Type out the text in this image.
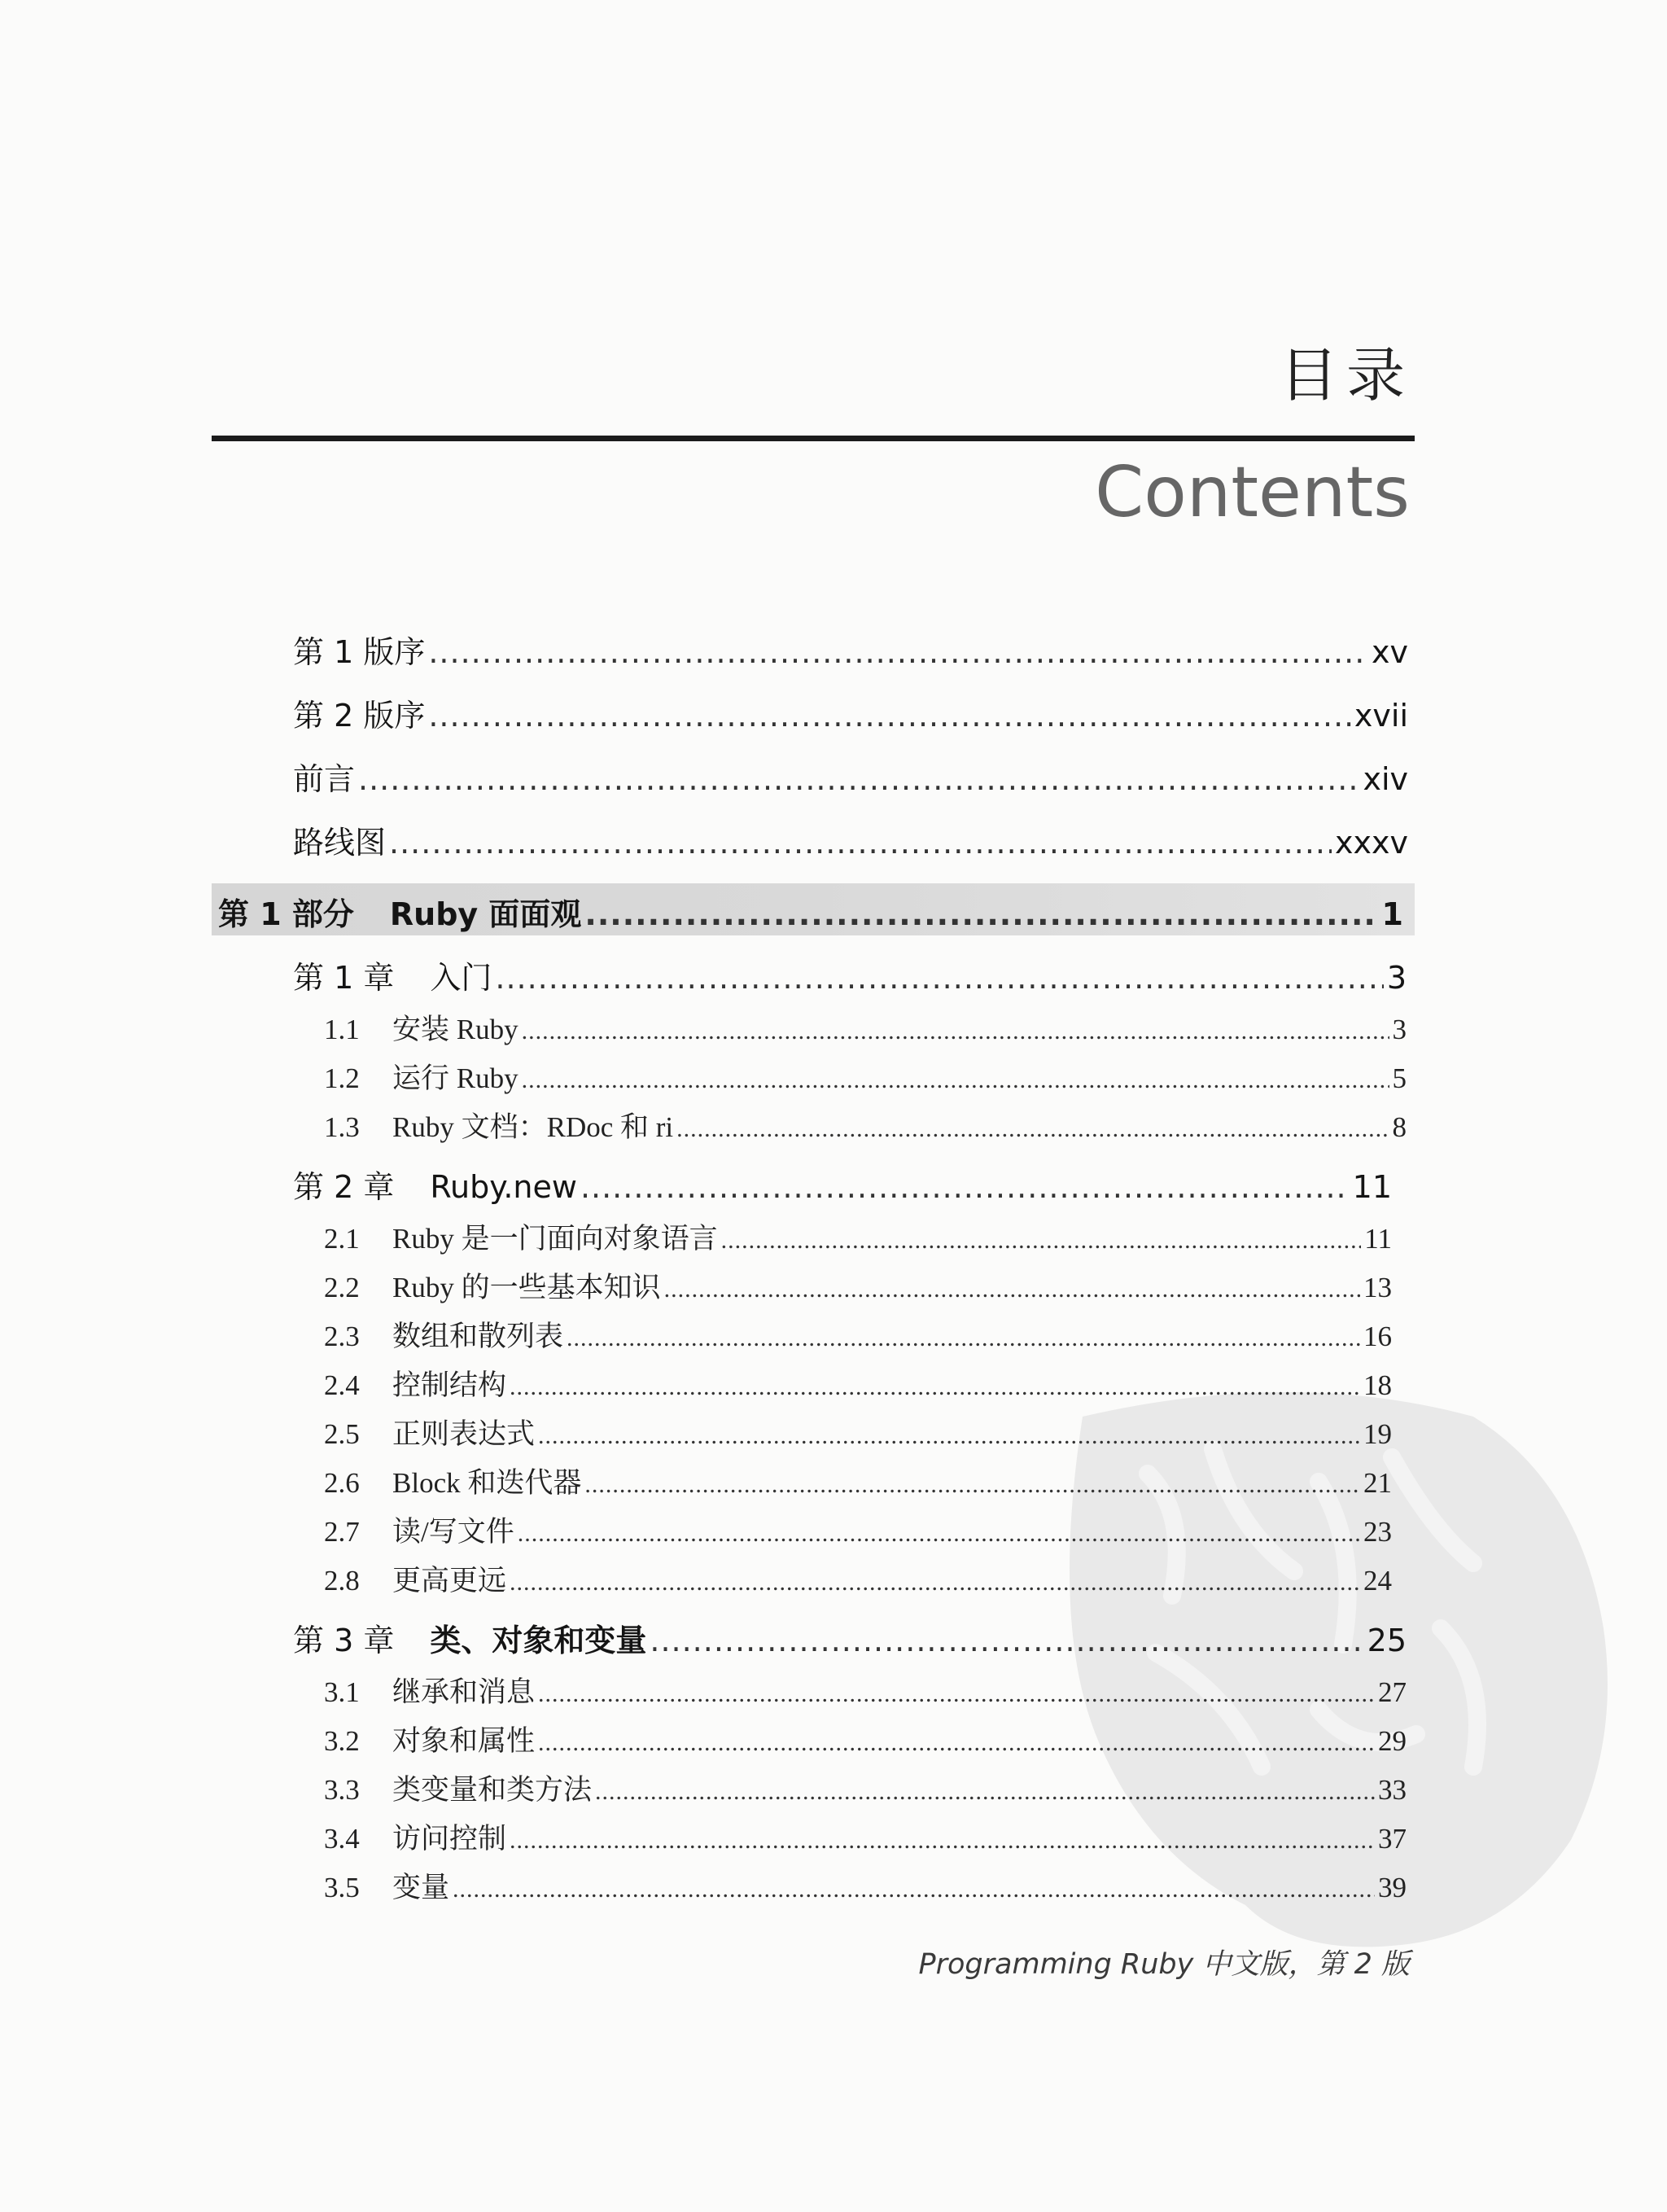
目录
Contents
第 1 版序 .....	xv
第 2 版序 .....	xvii
前言 .....	xiv
路线图 .....	xxxv
第 1 部分 Ruby 面面观 .....	1
第 1 章 入门 .....	3
1.1	安装 Ruby .....	3
1.2	运行 Ruby .....	5
1.3	Ruby 文档：RDoc 和 ri .....	8
第 2 章 Ruby.new .....	11
2.1	Ruby 是一门面向对象语言 .....	11
2.2	Ruby 的一些基本知识 .....	13
2.3	数组和散列表 .....	16
2.4	控制结构 .....	18
2.5	正则表达式 .....	19
2.6	Block 和迭代器 .....	21
2.7	读/写文件 .....	23
2.8	更高更远 .....	24
第 3 章 类、对象和变量 .....	25
3.1	继承和消息 .....	27
3.2	对象和属性 .....	29
3.3	类变量和类方法 .....	33
3.4	访问控制 .....	37
3.5	变量 .....	39
Programming Ruby 中文版，第 2 版
